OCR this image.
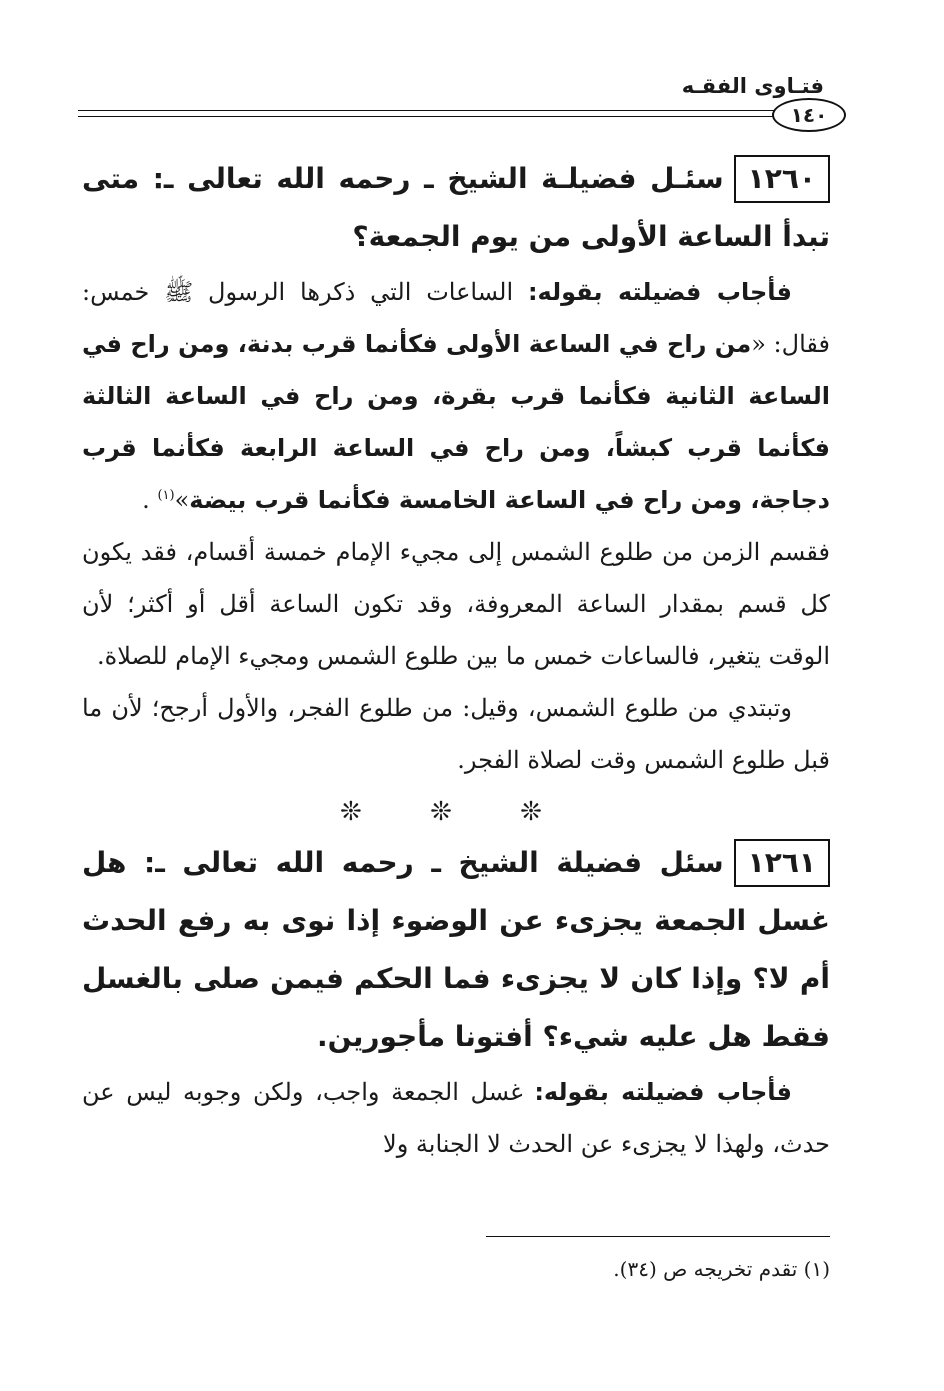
فتـاوى الفقـه
١٤٠
١٢٦٠سئـل فضيلـة الشيخ ـ رحمه الله تعالى ـ: متى تبدأ الساعة الأولى من يوم الجمعة؟

فأجاب فضيلته بقوله: الساعات التي ذكرها الرسول ﷺ خمس: فقال: «من راح في الساعة الأولى فكأنما قرب بدنة، ومن راح في الساعة الثانية فكأنما قرب بقرة، ومن راح في الساعة الثالثة فكأنما قرب كبشاً، ومن راح في الساعة الرابعة فكأنما قرب دجاجة، ومن راح في الساعة الخامسة فكأنما قرب بيضة»$^{(١)}$ .

فقسم الزمن من طلوع الشمس إلى مجيء الإمام خمسة أقسام، فقد يكون كل قسم بمقدار الساعة المعروفة، وقد تكون الساعة أقل أو أكثر؛ لأن الوقت يتغير، فالساعات خمس ما بين طلوع الشمس ومجيء الإمام للصلاة.

وتبتدي من طلوع الشمس، وقيل: من طلوع الفجر، والأول أرجح؛ لأن ما قبل طلوع الشمس وقت لصلاة الفجر.

❊ ❊ ❊
١٢٦١سئل فضيلة الشيخ ـ رحمه الله تعالى ـ: هل غسل الجمعة يجزىء عن الوضوء إذا نوى به رفع الحدث أم لا؟ وإذا كان لا يجزىء فما الحكم فيمن صلى بالغسل فقط هل عليه شيء؟ أفتونا مأجورين.

فأجاب فضيلته بقوله: غسل الجمعة واجب، ولكن وجوبه ليس عن حدث، ولهذا لا يجزىء عن الحدث لا الجنابة ولا

(١) تقدم تخريجه ص (٣٤).
